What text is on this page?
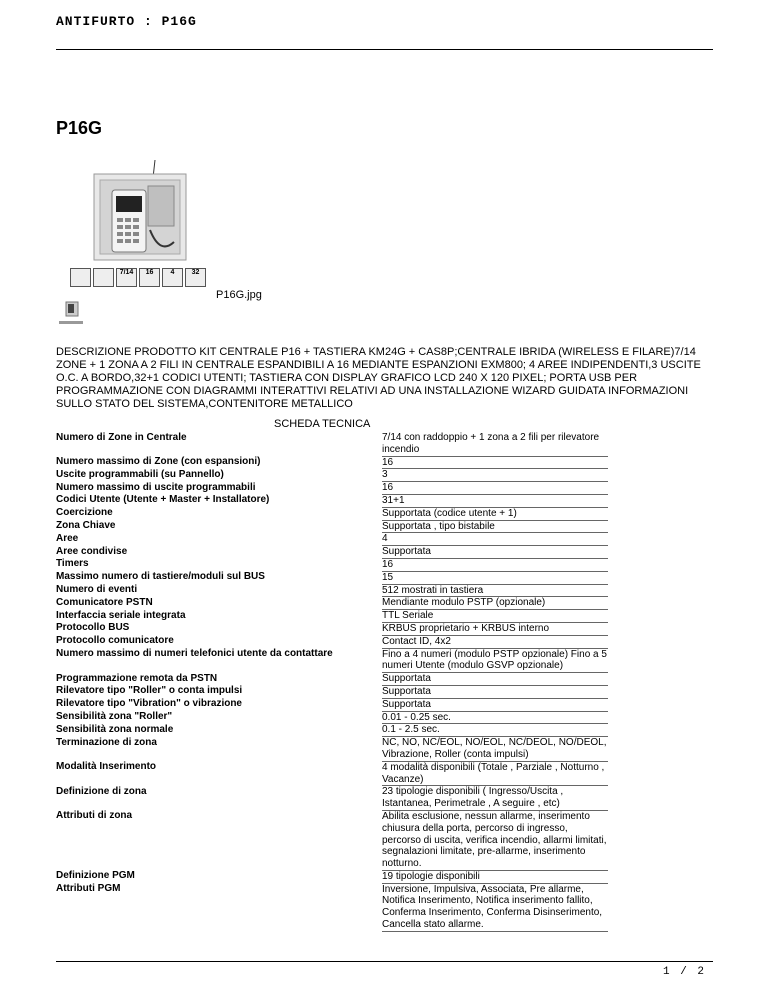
ANTIFURTO : P16G
P16G
7/14	16	4	32
P16G.jpg

DESCRIZIONE PRODOTTO KIT CENTRALE P16 + TASTIERA KM24G + CAS8P;CENTRALE IBRIDA (WIRELESS E FILARE)7/14 ZONE + 1 ZONA A 2 FILI IN CENTRALE ESPANDIBILI A 16 MEDIANTE ESPANZIONI EXM800; 4 AREE INDIPENDENTI,3 USCITE O.C. A BORDO,32+1 CODICI UTENTI; TASTIERA CON DISPLAY GRAFICO LCD 240 X 120 PIXEL; PORTA USB PER PROGRAMMAZIONE CON DIAGRAMMI INTERATTIVI RELATIVI AD UNA INSTALLAZIONE WIZARD GUIDATA INFORMAZIONI SULLO STATO DEL SISTEMA,CONTENITORE METALLICO

SCHEDA TECNICA
Numero di Zone in Centrale	7/14 con raddoppio + 1 zona a 2 fili per rilevatore incendio
Numero massimo di Zone (con espansioni)	16
Uscite programmabili (su Pannello)	3
Numero massimo di uscite programmabili	16
Codici Utente (Utente + Master + Installatore)	31+1
Coercizione	Supportata (codice utente + 1)
Zona Chiave	Supportata , tipo bistabile
Aree	4
Aree condivise	Supportata
Timers	16
Massimo numero di tastiere/moduli sul BUS	15
Numero di eventi	512 mostrati in tastiera
Comunicatore PSTN	Mendiante modulo PSTP (opzionale)
Interfaccia seriale integrata	TTL Seriale
Protocollo BUS	KRBUS proprietario + KRBUS interno
Protocollo comunicatore	Contact ID, 4x2
Numero massimo di numeri telefonici utente da contattare	Fino a 4 numeri (modulo PSTP opzionale) Fino a 5 numeri Utente (modulo GSVP opzionale)
Programmazione remota da PSTN	Supportata
Rilevatore tipo "Roller" o conta impulsi	Supportata
Rilevatore tipo "Vibration" o vibrazione	Supportata
Sensibilità zona "Roller"	0.01 - 0.25 sec.
Sensibilità zona normale	0.1 - 2.5 sec.
Terminazione di zona	NC, NO, NC/EOL, NO/EOL, NC/DEOL, NO/DEOL, Vibrazione, Roller (conta impulsi)
Modalità Inserimento	4 modalità disponibili (Totale , Parziale , Notturno , Vacanze)
Definizione di zona	23 tipologie disponibili ( Ingresso/Uscita , Istantanea, Perimetrale , A seguire , etc)
Attributi di zona	Abilita esclusione, nessun allarme, inserimento chiusura della porta, percorso di ingresso, percorso di uscita, verifica incendio, allarmi limitati, segnalazioni limitate, pre-allarme, inserimento notturno.
Definizione PGM	19 tipologie disponibili
Attributi PGM	Inversione, Impulsiva, Associata, Pre allarme, Notifica Inserimento, Notifica inserimento fallito, Conferma Inserimento, Conferma Disinserimento, Cancella stato allarme.
1 / 2
